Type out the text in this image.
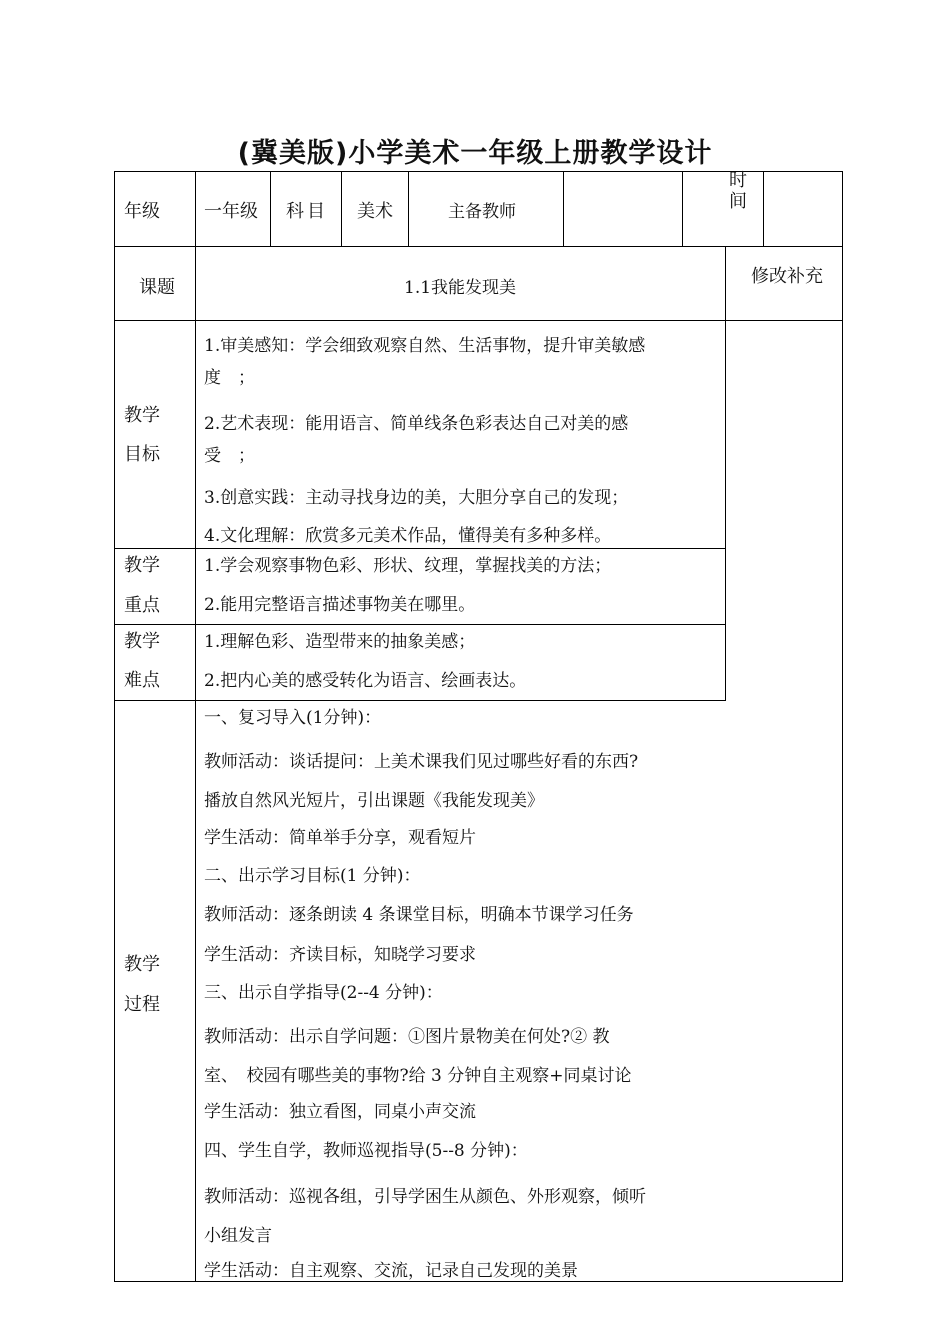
(冀美版)小学美术一年级上册教学设计
年级 一年级 科目 美术	主备教师
时
间
课题	1.1我能发现美
修改补充
教学
目标
1.审美感知：学会细致观察自然、生活事物，提升审美敏感
度　；
2.艺术表现：能用语言、简单线条色彩表达自己对美的感
受　；
3.创意实践：主动寻找身边的美，大胆分享自己的发现；
4.文化理解：欣赏多元美术作品，懂得美有多种多样。
教学
重点
1.学会观察事物色彩、形状、纹理，掌握找美的方法；
2.能用完整语言描述事物美在哪里。
教学
难点
1.理解色彩、造型带来的抽象美感；
2.把内心美的感受转化为语言、绘画表达。
教学
过程
一、复习导入(1分钟)：
教师活动：谈话提问：上美术课我们见过哪些好看的东西?
播放自然风光短片，引出课题《我能发现美》
学生活动：简单举手分享，观看短片
二、出示学习目标(1 分钟)：
教师活动：逐条朗读 4 条课堂目标，明确本节课学习任务
学生活动：齐读目标，知晓学习要求
三、出示自学指导(2--4 分钟)：
教师活动：出示自学问题：①图片景物美在何处?② 教
室、　校园有哪些美的事物?给 3 分钟自主观察+同桌讨论
学生活动：独立看图，同桌小声交流
四、学生自学，教师巡视指导(5--8 分钟)：
教师活动：巡视各组，引导学困生从颜色、外形观察，倾听
小组发言
学生活动：自主观察、交流，记录自己发现的美景
